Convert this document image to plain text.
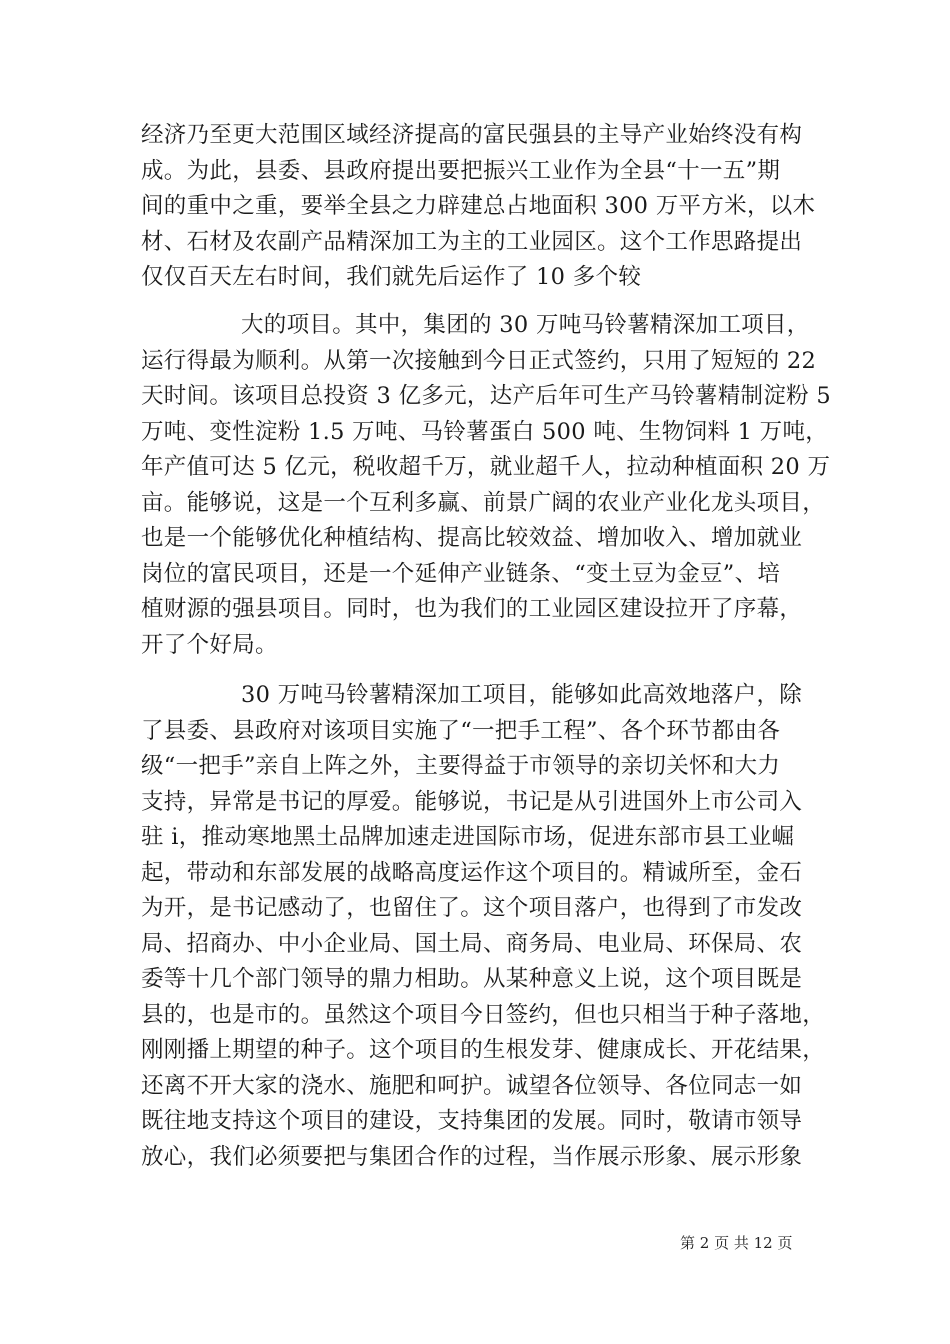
经济乃至更大范围区域经济提高的富民强县的主导产业始终没有构
成。为此，县委、县政府提出要把振兴工业作为全县“十一五”期
间的重中之重，要举全县之力辟建总占地面积 300 万平方米，以木
材、石材及农副产品精深加工为主的工业园区。这个工作思路提出
仅仅百天左右时间，我们就先后运作了 10 多个较
大的项目。其中，集团的 30 万吨马铃薯精深加工项目，
运行得最为顺利。从第一次接触到今日正式签约，只用了短短的 22
天时间。该项目总投资 3 亿多元，达产后年可生产马铃薯精制淀粉 5
万吨、变性淀粉 1.5 万吨、马铃薯蛋白 500 吨、生物饲料 1 万吨，
年产值可达 5 亿元，税收超千万，就业超千人，拉动种植面积 20 万
亩。能够说，这是一个互利多赢、前景广阔的农业产业化龙头项目，
也是一个能够优化种植结构、提高比较效益、增加收入、增加就业
岗位的富民项目，还是一个延伸产业链条、“变土豆为金豆”、培
植财源的强县项目。同时，也为我们的工业园区建设拉开了序幕，
开了个好局。
30 万吨马铃薯精深加工项目，能够如此高效地落户，除
了县委、县政府对该项目实施了“一把手工程”、各个环节都由各
级“一把手”亲自上阵之外，主要得益于市领导的亲切关怀和大力
支持，异常是书记的厚爱。能够说，书记是从引进国外上市公司入
驻 i，推动寒地黑土品牌加速走进国际市场，促进东部市县工业崛
起，带动和东部发展的战略高度运作这个项目的。精诚所至，金石
为开，是书记感动了，也留住了。这个项目落户，也得到了市发改
局、招商办、中小企业局、国土局、商务局、电业局、环保局、农
委等十几个部门领导的鼎力相助。从某种意义上说，这个项目既是
县的，也是市的。虽然这个项目今日签约，但也只相当于种子落地，
刚刚播上期望的种子。这个项目的生根发芽、健康成长、开花结果，
还离不开大家的浇水、施肥和呵护。诚望各位领导、各位同志一如
既往地支持这个项目的建设，支持集团的发展。同时，敬请市领导
放心，我们必须要把与集团合作的过程，当作展示形象、展示形象
第 2 页 共 12 页
